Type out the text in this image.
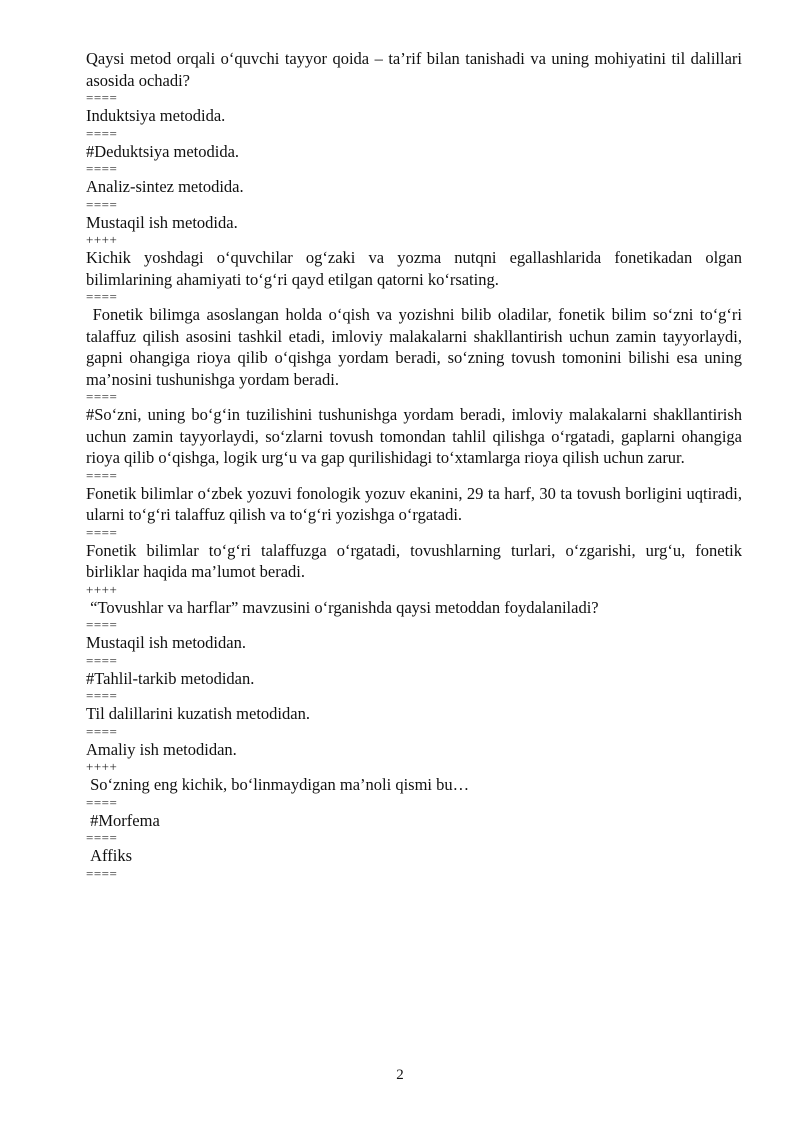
Qaysi metod orqali o‘quvchi tayyor qoida – ta’rif bilan tanishadi va uning mohiyatini til dalillari asosida ochadi?

====

Induktsiya metodida.

====

#Deduktsiya metodida.

====

Analiz-sintez metodida.

====

Mustaqil ish metodida.

++++

Kichik yoshdagi o‘quvchilar og‘zaki va yozma nutqni egallashlarida fonetikadan olgan bilimlarining ahamiyati to‘g‘ri qayd etilgan qatorni ko‘rsating.

====

Fonetik bilimga asoslangan holda o‘qish va yozishni bilib oladilar, fonetik bilim so‘zni to‘g‘ri talaffuz qilish asosini tashkil etadi, imloviy malakalarni shakllantirish uchun zamin tayyorlaydi, gapni ohangiga rioya qilib o‘qishga yordam beradi, so‘zning tovush tomonini bilishi esa uning ma’nosini tushunishga yordam beradi.

====

#So‘zni, uning bo‘g‘in tuzilishini tushunishga yordam beradi, imloviy malakalarni shakllantirish uchun zamin tayyorlaydi, so‘zlarni tovush tomondan tahlil qilishga o‘rgatadi, gaplarni ohangiga rioya qilib o‘qishga, logik urg‘u va gap qurilishidagi to‘xtamlarga rioya qilish uchun zarur.

====

Fonetik bilimlar o‘zbek yozuvi fonologik yozuv ekanini, 29 ta harf, 30 ta tovush borligini uqtiradi, ularni to‘g‘ri talaffuz qilish va to‘g‘ri yozishga o‘rgatadi.

====

Fonetik bilimlar to‘g‘ri talaffuzga o‘rgatadi, tovushlarning turlari, o‘zgarishi, urg‘u, fonetik birliklar haqida ma’lumot beradi.

++++

“Tovushlar va harflar” mavzusini o‘rganishda qaysi metoddan foydalaniladi?

====

Mustaqil ish metodidan.

====

#Tahlil-tarkib metodidan.

====

Til dalillarini kuzatish metodidan.

====

Amaliy ish metodidan.

++++

So‘zning eng kichik, bo‘linmaydigan ma’noli qismi bu…

====

#Morfema

====

Affiks

====

2
